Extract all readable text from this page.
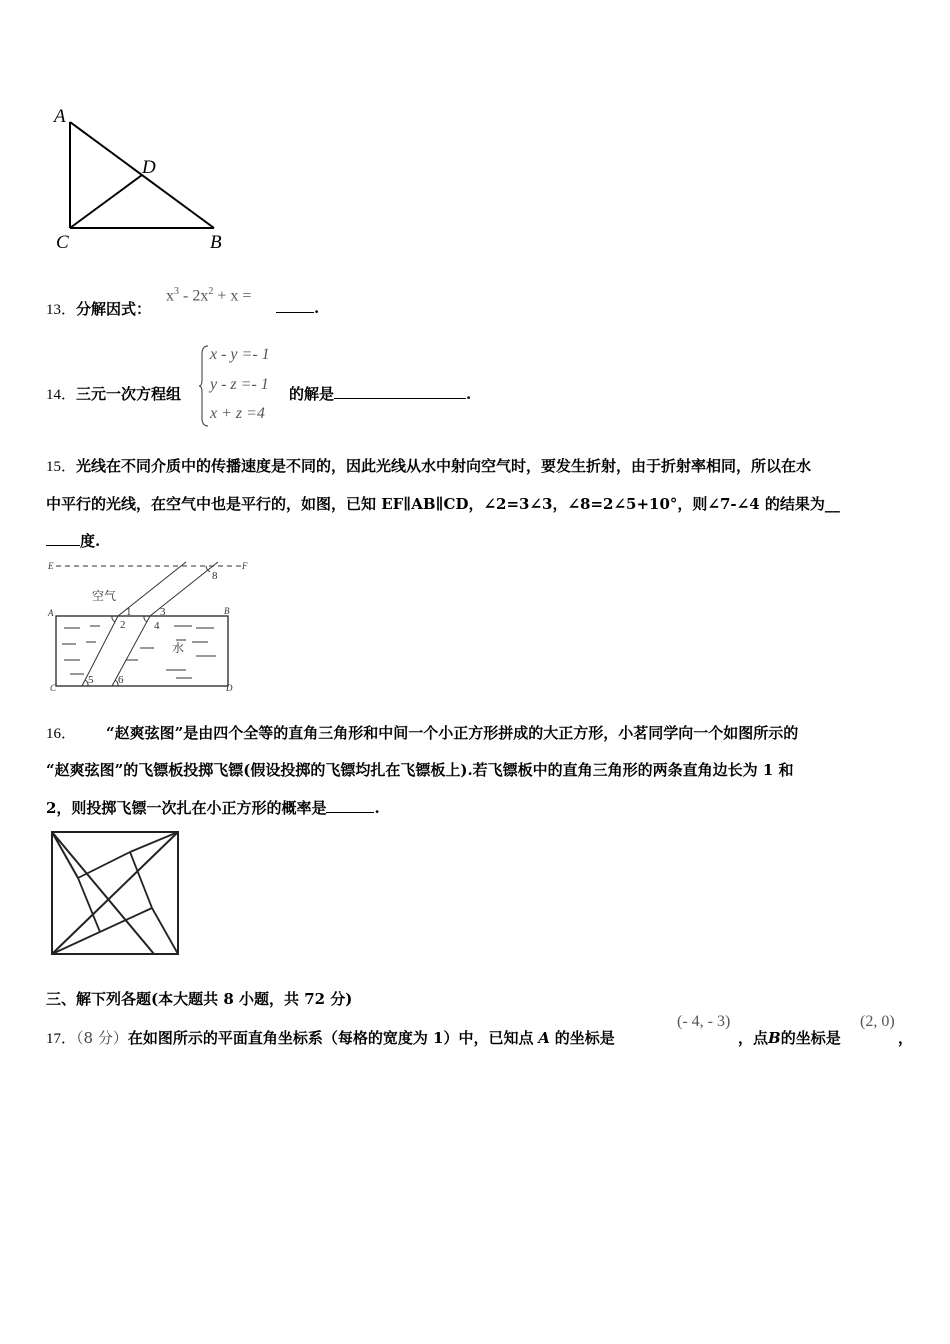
A
D
C	B
13．分解因式：
$x^3 - 2x^2 + x$ =
.
14．三元一次方程组
x - y =- 1
y - z =- 1
x + z =4
的解是	.
15．光线在不同介质中的传播速度是不同的，因此光线从水中射向空气时，要发生折射，由于折射率相同，所以在水
中平行的光线，在空气中也是平行的，如图，已知 EF∥AB∥CD，∠2=3∠3，∠8=2∠5+10°，则∠7-∠4 的结果为__
度.
E	F
A	B
C	D
1
2
3
4
5 6
8
空气
水
16． “赵爽弦图”是由四个全等的直角三角形和中间一个小正方形拼成的大正方形，小茗同学向一个如图所示的
“赵爽弦图”的飞镖板投掷飞镖(假设投掷的飞镖均扎在飞镖板上).若飞镖板中的直角三角形的两条直角边长为 1 和
2，则投掷飞镖一次扎在小正方形的概率是	.
三、解下列各题(本大题共 8 小题，共 72 分)
17．（8 分）在如图所示的平面直角坐标系（每格的宽度为 1）中，已知点 A 的坐标是
(- 4, - 3)
，点B的坐标是
(2, 0)
，
